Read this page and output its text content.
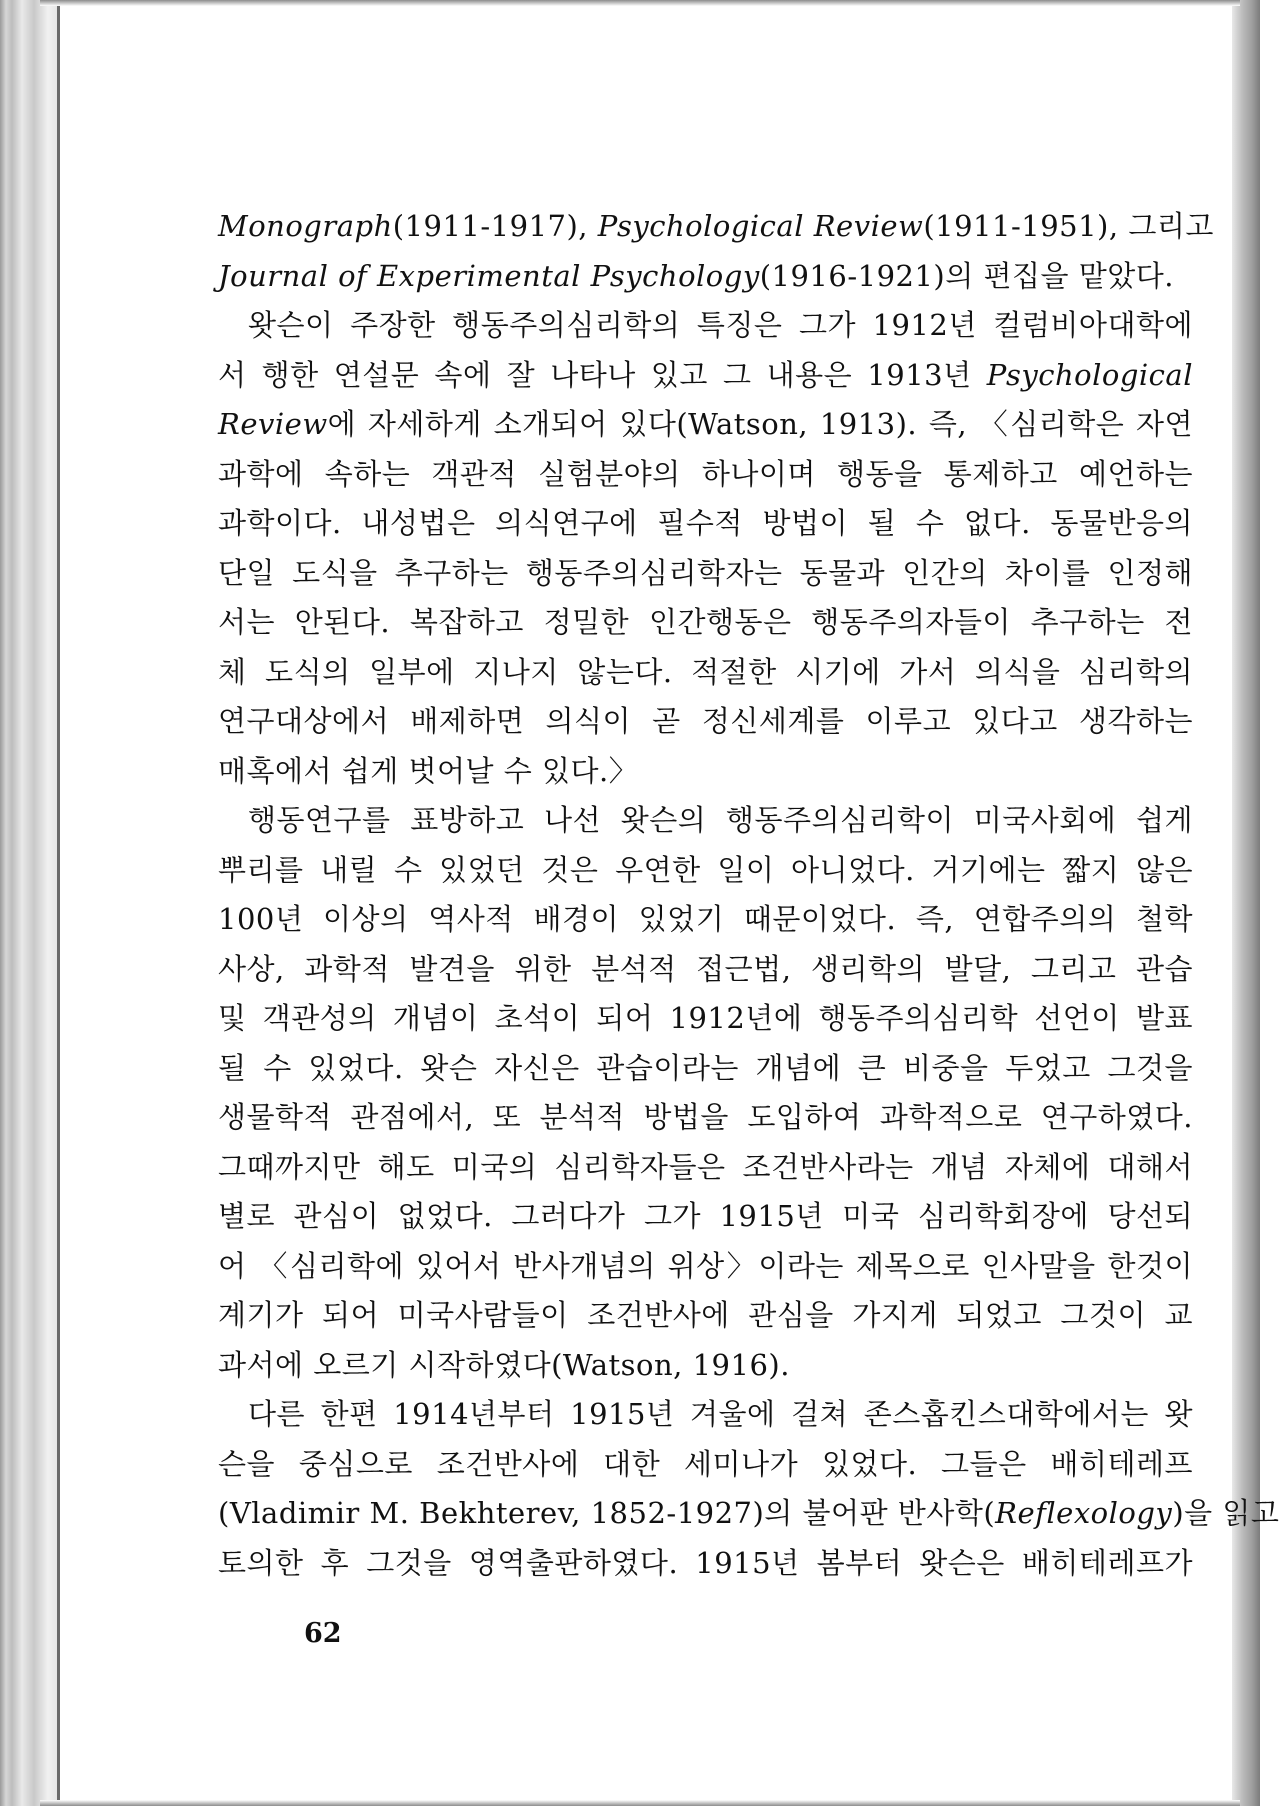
Monograph(1911-1917), Psychological Review(1911-1951), 그리고
Journal of Experimental Psychology(1916-1921)의 편집을 맡았다.
왓슨이 주장한 행동주의심리학의 특징은 그가 1912년 컬럼비아대학에
서 행한 연설문 속에 잘 나타나 있고 그 내용은 1913년 Psychological
Review에 자세하게 소개되어 있다(Watson, 1913). 즉, 〈심리학은 자연
과학에 속하는 객관적 실험분야의 하나이며 행동을 통제하고 예언하는
과학이다. 내성법은 의식연구에 필수적 방법이 될 수 없다. 동물반응의
단일 도식을 추구하는 행동주의심리학자는 동물과 인간의 차이를 인정해
서는 안된다. 복잡하고 정밀한 인간행동은 행동주의자들이 추구하는 전
체 도식의 일부에 지나지 않는다. 적절한 시기에 가서 의식을 심리학의
연구대상에서 배제하면 의식이 곧 정신세계를 이루고 있다고 생각하는
매혹에서 쉽게 벗어날 수 있다.〉
행동연구를 표방하고 나선 왓슨의 행동주의심리학이 미국사회에 쉽게
뿌리를 내릴 수 있었던 것은 우연한 일이 아니었다. 거기에는 짧지 않은
100년 이상의 역사적 배경이 있었기 때문이었다. 즉, 연합주의의 철학
사상, 과학적 발견을 위한 분석적 접근법, 생리학의 발달, 그리고 관습
및 객관성의 개념이 초석이 되어 1912년에 행동주의심리학 선언이 발표
될 수 있었다. 왓슨 자신은 관습이라는 개념에 큰 비중을 두었고 그것을
생물학적 관점에서, 또 분석적 방법을 도입하여 과학적으로 연구하였다.
그때까지만 해도 미국의 심리학자들은 조건반사라는 개념 자체에 대해서
별로 관심이 없었다. 그러다가 그가 1915년 미국 심리학회장에 당선되
어 〈심리학에 있어서 반사개념의 위상〉이라는 제목으로 인사말을 한것이
계기가 되어 미국사람들이 조건반사에 관심을 가지게 되었고 그것이 교
과서에 오르기 시작하였다(Watson, 1916).
다른 한편 1914년부터 1915년 겨울에 걸쳐 존스홉킨스대학에서는 왓
슨을 중심으로 조건반사에 대한 세미나가 있었다. 그들은 배히테레프
(Vladimir M. Bekhterev, 1852-1927)의 불어판 반사학(Reflexology)을 읽고
토의한 후 그것을 영역출판하였다. 1915년 봄부터 왓슨은 배히테레프가
62
